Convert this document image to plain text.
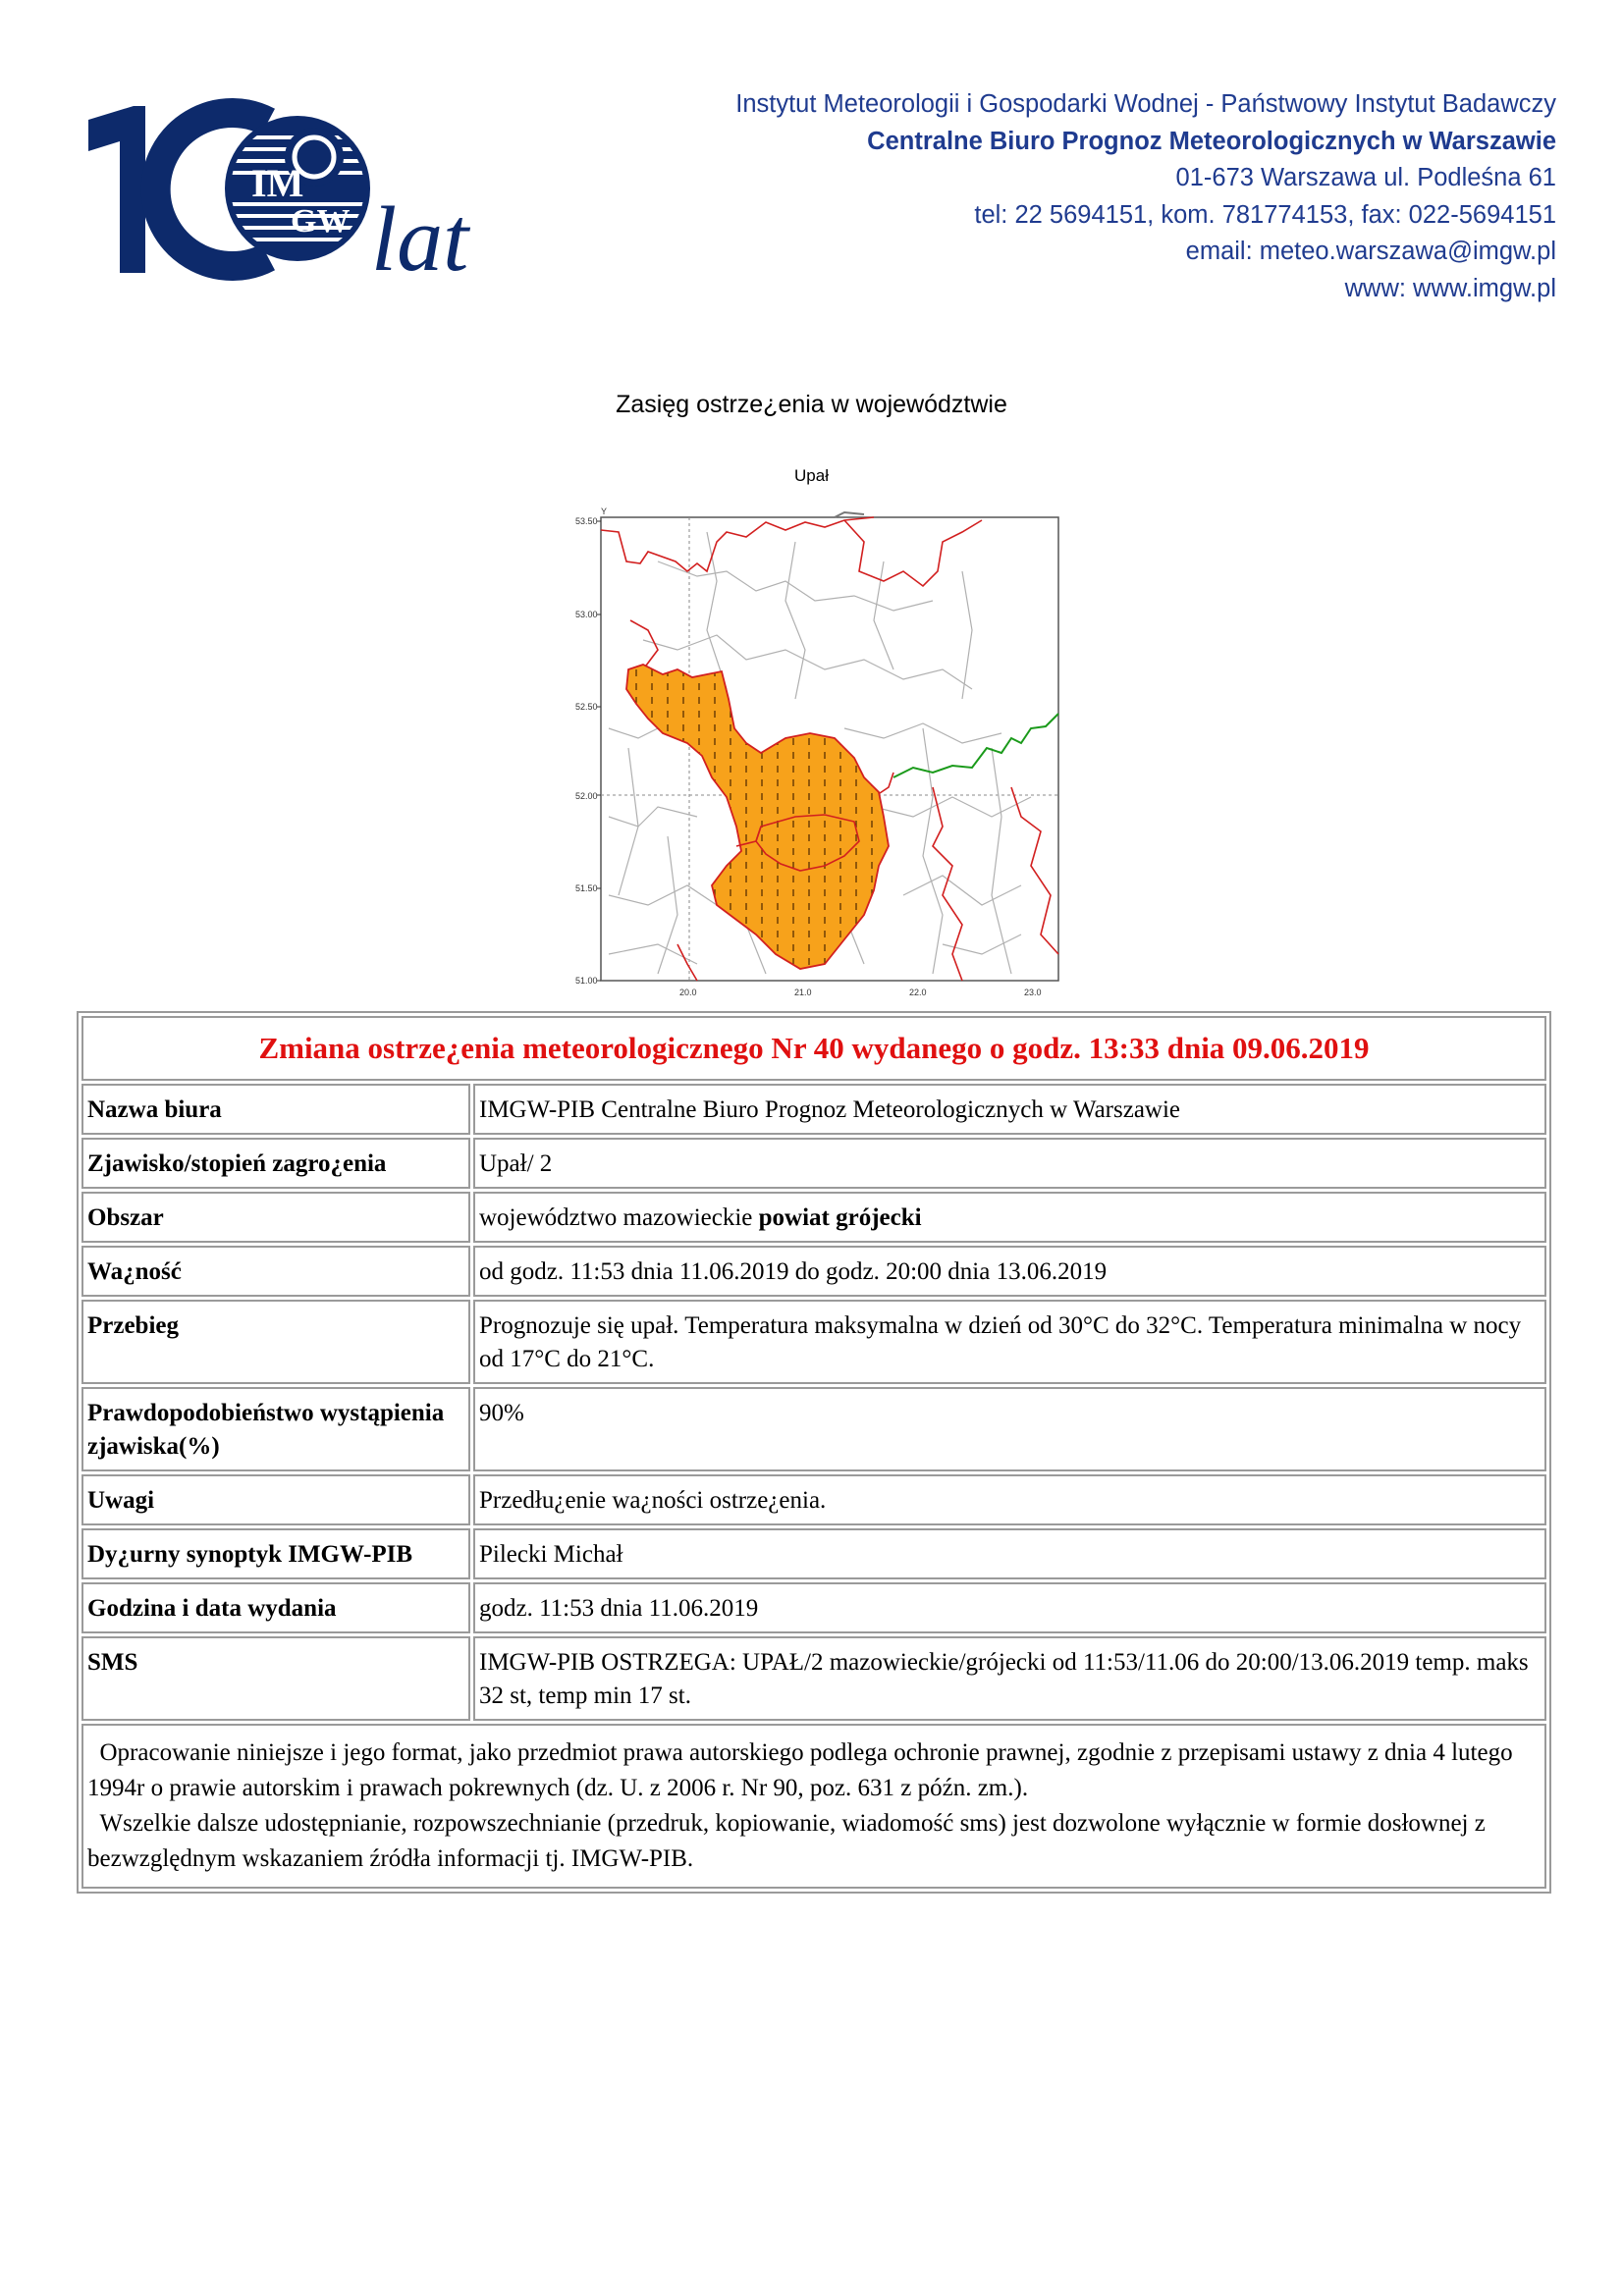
IM
GW lat
Instytut Meteorologii i Gospodarki Wodnej - Państwowy Instytut Badawczy
Centralne Biuro Prognoz Meteorologicznych w Warszawie
01-673 Warszawa ul. Podleśna 61
tel: 22 5694151, kom. 781774153, fax: 022-5694151
email: meteo.warszawa@imgw.pl
www: www.imgw.pl
Zasięg ostrze¿enia w województwie
Upał
Y
53.50
53.00
52.50
52.00
51.50
51.00
20.0	21.0	22.0	23.0
Zmiana ostrze¿enia meteorologicznego Nr 40 wydanego o godz. 13:33 dnia 09.06.2019	
Nazwa biura	IMGW-PIB Centralne Biuro Prognoz Meteorologicznych w Warszawie
Zjawisko/stopień zagro¿enia	Upał/ 2
Obszar	województwo mazowieckie powiat grójecki
Wa¿ność	od godz. 11:53 dnia 11.06.2019 do godz. 20:00 dnia 13.06.2019
Przebieg	Prognozuje się upał. Temperatura maksymalna w dzień od 30°C do 32°C. Temperatura minimalna w nocy od 17°C do 21°C.
Prawdopodobieństwo wystąpienia zjawiska(%)	90%
Uwagi	Przedłu¿enie wa¿ności ostrze¿enia.
Dy¿urny synoptyk IMGW-PIB	Pilecki Michał
Godzina i data wydania	godz. 11:53 dnia 11.06.2019
SMS	IMGW-PIB OSTRZEGA: UPAŁ/2 mazowieckie/grójecki od 11:53/11.06 do 20:00/13.06.2019 temp. maks 32 st, temp min 17 st.

Opracowanie niniejsze i jego format, jako przedmiot prawa autorskiego podlega ochronie prawnej, zgodnie z przepisami ustawy z dnia 4 lutego 1994r o prawie autorskim i prawach pokrewnych (dz. U. z 2006 r. Nr 90, poz. 631 z późn. zm.).
Wszelkie dalsze udostępnianie, rozpowszechnianie (przedruk, kopiowanie, wiadomość sms) jest dozwolone wyłącznie w formie dosłownej z bezwzględnym wskazaniem źródła informacji tj. IMGW-PIB.	
